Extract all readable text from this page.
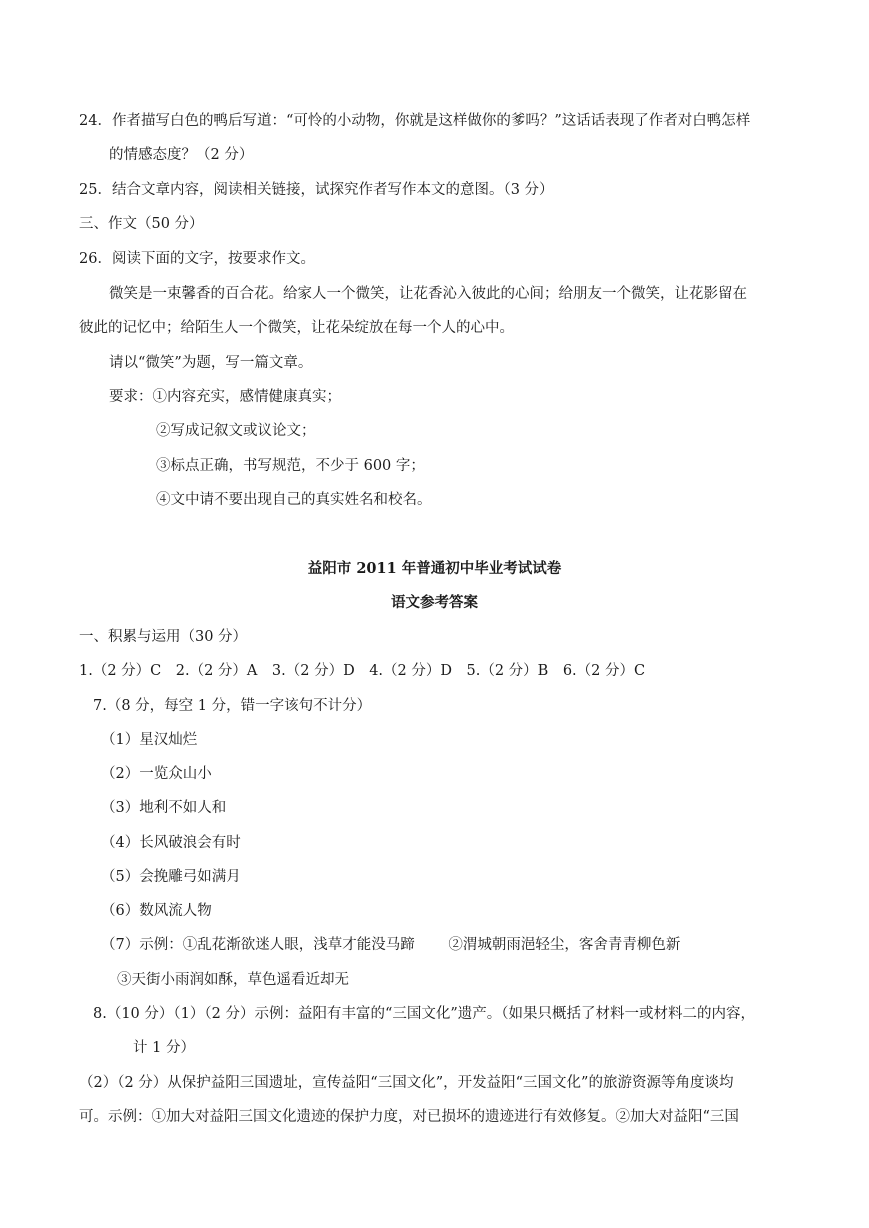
24．作者描写白色的鸭后写道：“可怜的小动物，你就是这样做你的爹吗？”这话话表现了作者对白鸭怎样
的情感态度？（2 分）
25．结合文章内容，阅读相关链接，试探究作者写作本文的意图。（3 分）
三、作文（50 分）
26．阅读下面的文字，按要求作文。
微笑是一束馨香的百合花。给家人一个微笑，让花香沁入彼此的心间；给朋友一个微笑，让花影留在
彼此的记忆中；给陌生人一个微笑，让花朵绽放在每一个人的心中。
请以“微笑”为题，写一篇文章。
要求：①内容充实，感情健康真实；
②写成记叙文或议论文；
③标点正确，书写规范，不少于 600 字；
④文中请不要出现自己的真实姓名和校名。
益阳市 2011 年普通初中毕业考试试卷
语文参考答案
一、积累与运用（30 分）
1.（2 分）C　2.（2 分）A　3.（2 分）D　4.（2 分）D　5.（2 分）B　6.（2 分）C
7.（8 分，每空 1 分，错一字该句不计分）
（1）星汉灿烂
（2）一览众山小
（3）地利不如人和
（4）长风破浪会有时
（5）会挽雕弓如满月
（6）数风流人物
（7）示例：①乱花渐欲迷人眼，浅草才能没马蹄　　 ②渭城朝雨浥轻尘，客舍青青柳色新
③天街小雨润如酥，草色遥看近却无
8.（10 分）（1）（2 分）示例：益阳有丰富的“三国文化”遗产。（如果只概括了材料一或材料二的内容，
计 1 分）
（2）（2 分）从保护益阳三国遗址，宣传益阳“三国文化”，开发益阳“三国文化”的旅游资源等角度谈均
可。示例：①加大对益阳三国文化遗迹的保护力度，对已损坏的遗迹进行有效修复。②加大对益阳“三国
